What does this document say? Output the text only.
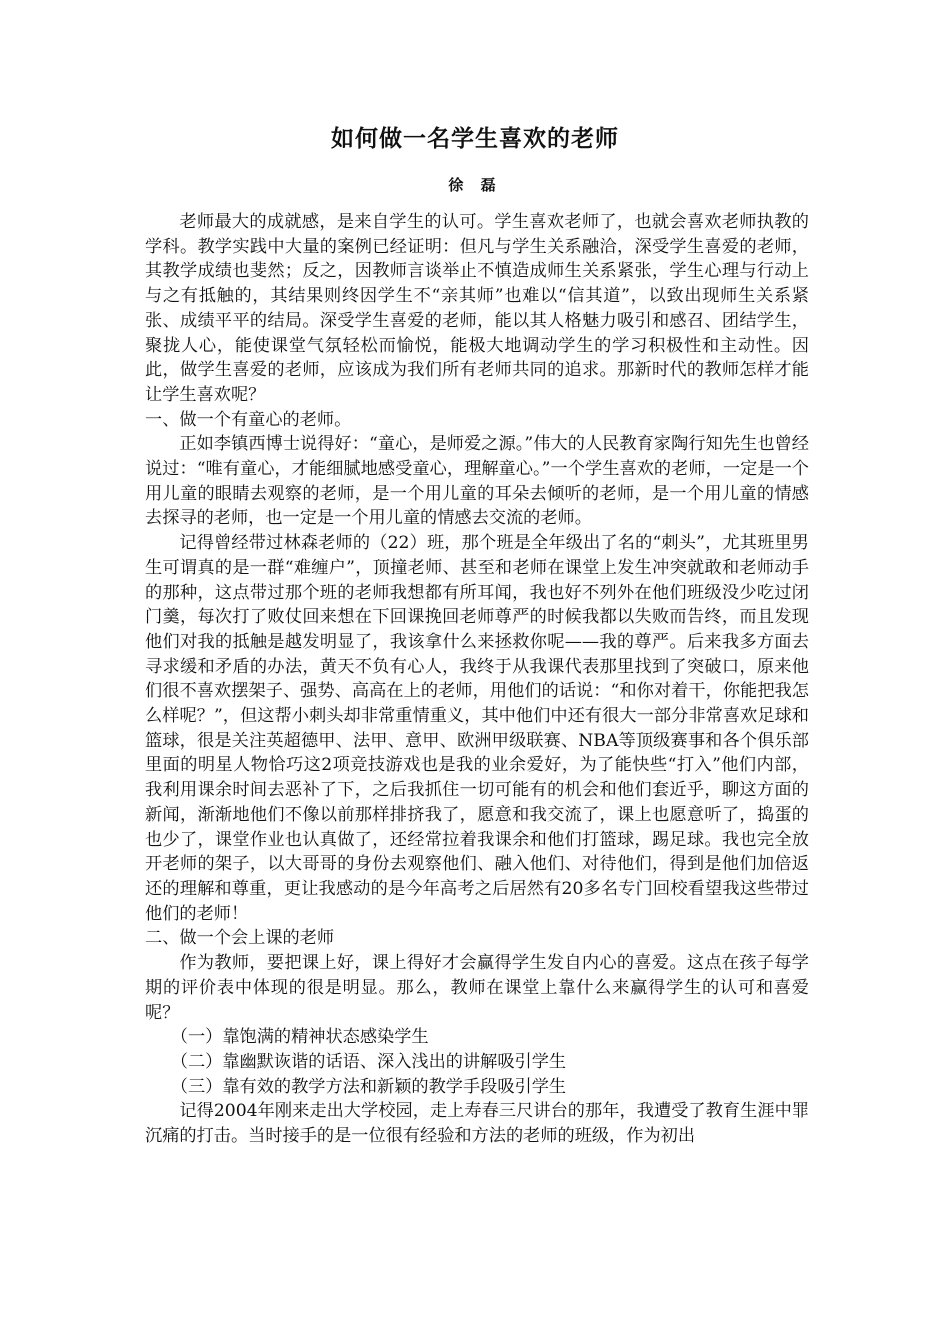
如何做一名学生喜欢的老师
徐 磊

老师最大的成就感，是来自学生的认可。学生喜欢老师了，也就会喜欢老师执教的学科。教学实践中大量的案例已经证明：但凡与学生关系融洽，深受学生喜爱的老师，其教学成绩也斐然；反之，因教师言谈举止不慎造成师生关系紧张，学生心理与行动上与之有抵触的，其结果则终因学生不“亲其师”也难以“信其道”，以致出现师生关系紧张、成绩平平的结局。深受学生喜爱的老师，能以其人格魅力吸引和感召、团结学生，聚拢人心，能使课堂气氛轻松而愉悦，能极大地调动学生的学习积极性和主动性。因此，做学生喜爱的老师，应该成为我们所有老师共同的追求。那新时代的教师怎样才能让学生喜欢呢？

一、做一个有童心的老师。

正如李镇西博士说得好：“童心，是师爱之源。”伟大的人民教育家陶行知先生也曾经说过：“唯有童心，才能细腻地感受童心，理解童心。”一个学生喜欢的老师，一定是一个用儿童的眼睛去观察的老师，是一个用儿童的耳朵去倾听的老师，是一个用儿童的情感去探寻的老师，也一定是一个用儿童的情感去交流的老师。

记得曾经带过林森老师的（22）班，那个班是全年级出了名的“刺头”，尤其班里男生可谓真的是一群“难缠户”，顶撞老师、甚至和老师在课堂上发生冲突就敢和老师动手的那种，这点带过那个班的老师我想都有所耳闻，我也好不列外在他们班级没少吃过闭门羹，每次打了败仗回来想在下回课挽回老师尊严的时候我都以失败而告终，而且发现他们对我的抵触是越发明显了，我该拿什么来拯救你呢——我的尊严。后来我多方面去寻求缓和矛盾的办法，黄天不负有心人，我终于从我课代表那里找到了突破口，原来他们很不喜欢摆架子、强势、高高在上的老师，用他们的话说：“和你对着干，你能把我怎么样呢？”，但这帮小刺头却非常重情重义，其中他们中还有很大一部分非常喜欢足球和篮球，很是关注英超德甲、法甲、意甲、欧洲甲级联赛、NBA等顶级赛事和各个俱乐部里面的明星人物恰巧这2项竞技游戏也是我的业余爱好，为了能快些“打入”他们内部，我利用课余时间去恶补了下，之后我抓住一切可能有的机会和他们套近乎，聊这方面的新闻，渐渐地他们不像以前那样排挤我了，愿意和我交流了，课上也愿意听了，捣蛋的也少了，课堂作业也认真做了，还经常拉着我课余和他们打篮球，踢足球。我也完全放开老师的架子，以大哥哥的身份去观察他们、融入他们、对待他们，得到是他们加倍返还的理解和尊重，更让我感动的是今年高考之后居然有20多名专门回校看望我这些带过他们的老师！

二、做一个会上课的老师

作为教师，要把课上好，课上得好才会赢得学生发自内心的喜爱。这点在孩子每学期的评价表中体现的很是明显。那么，教师在课堂上靠什么来赢得学生的认可和喜爱呢？

（一）靠饱满的精神状态感染学生

（二）靠幽默诙谐的话语、深入浅出的讲解吸引学生

（三）靠有效的教学方法和新颖的教学手段吸引学生

记得2004年刚来走出大学校园，走上寿春三尺讲台的那年，我遭受了教育生涯中罪沉痛的打击。当时接手的是一位很有经验和方法的老师的班级，作为初出
